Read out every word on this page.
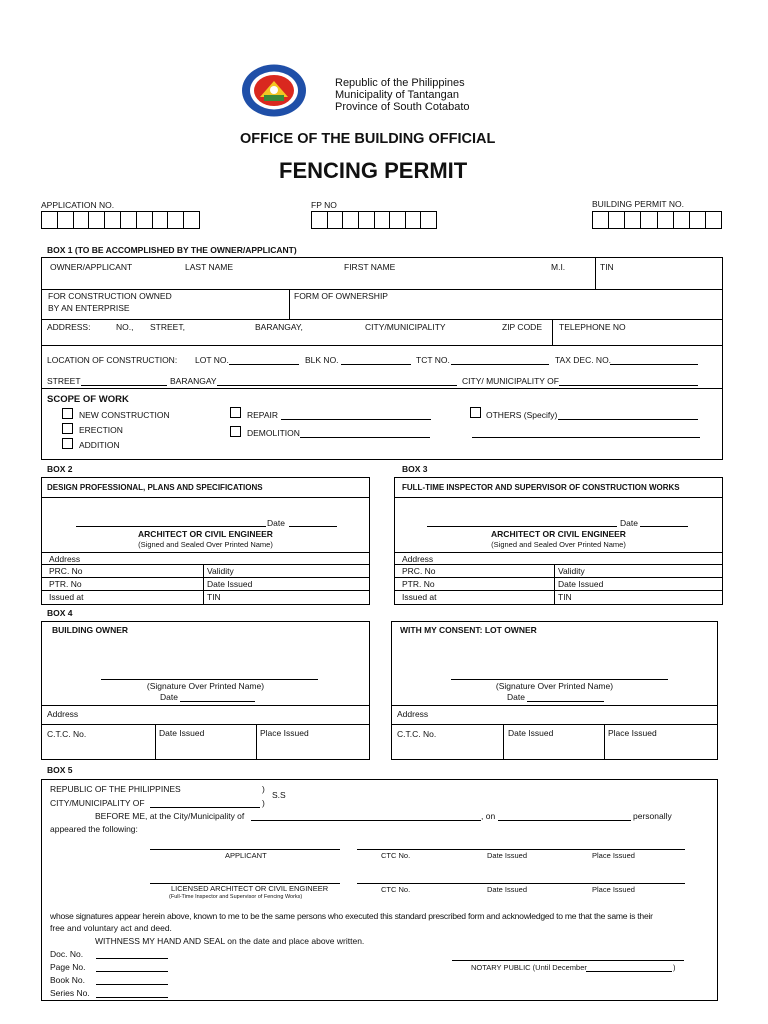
Republic of the Philippines
Municipality of Tantangan
Province of South Cotabato
OFFICE OF THE BUILDING OFFICIAL
FENCING PERMIT
APPLICATION NO.	FP NO	BUILDING PERMIT NO.
BOX 1 (TO BE ACCOMPLISHED BY THE OWNER/APPLICANT)
OWNER/APPLICANT	LAST NAME	FIRST NAME	M.I.	TIN
FOR CONSTRUCTION OWNED
BY AN ENTERPRISE
FORM OF OWNERSHIP
ADDRESS:	NO., STREET,	BARANGAY,	CITY/MUNICIPALITY	ZIP CODE TELEPHONE NO
LOCATION OF CONSTRUCTION: LOT NO.	BLK NO.	TCT NO.	TAX DEC. NO.
STREET	BARANGAY	CITY/ MUNICIPALITY OF
SCOPE OF WORK
NEW CONSTRUCTION
ERECTION
ADDITION
REPAIR
DEMOLITION
OTHERS (Specify)
BOX 2
DESIGN PROFESSIONAL, PLANS AND SPECIFICATIONS
Date
ARCHITECT OR CIVIL ENGINEER
(Signed and Sealed Over Printed Name)
Address
PRC. No	Validity
PTR. No	Date Issued
Issued at	TIN
BOX 3
FULL-TIME INSPECTOR AND SUPERVISOR OF CONSTRUCTION WORKS
Date
ARCHITECT OR CIVIL ENGINEER
(Signed and Sealed Over Printed Name)
Address
PRC. No	Validity
PTR. No	Date Issued
Issued at	TIN
BOX 4
BUILDING OWNER
(Signature Over Printed Name)
Date
Address
C.T.C. No.	Date Issued	Place Issued
WITH MY CONSENT: LOT OWNER
(Signature Over Printed Name)
Date
Address
C.T.C. No.	Date Issued	Place Issued
BOX 5
REPUBLIC OF THE PHILIPPINES	)
S.S
CITY/MUNICIPALITY OF	)
BEFORE ME, at the City/Municipality of	, on	personally
appeared the following:
APPLICANT	CTC No.	Date Issued	Place Issued
LICENSED ARCHITECT OR CIVIL ENGINEER
(Full-Time Inspector and Supervisor of Fencing Works)
CTC No.	Date Issued	Place Issued
whose signatures appear herein above, known to me to be the same persons who executed this standard prescribed form and acknowledged to me that the same is their
free and voluntary act and deed.
WITHNESS MY HAND AND SEAL on the date and place above written.
Doc. No.
Page No.
Book No.
Series No.
NOTARY PUBLIC (Until December	)
